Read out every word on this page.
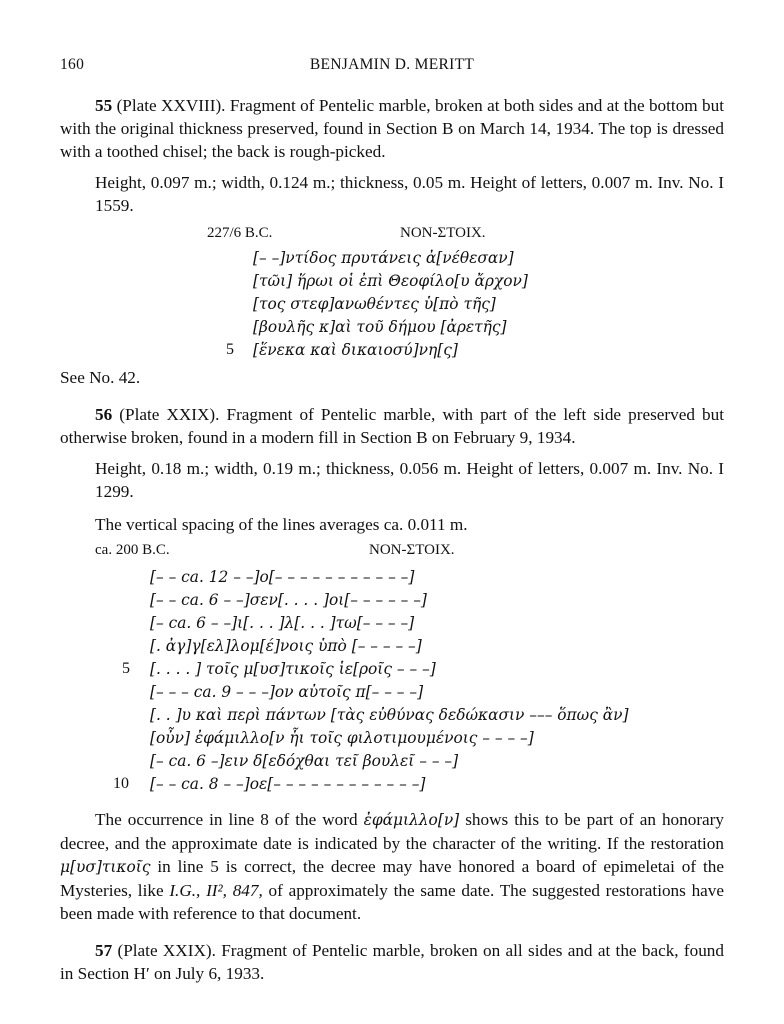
160	BENJAMIN D. MERITT

55 (Plate XXVIII). Fragment of Pentelic marble, broken at both sides and at the bottom but with the original thickness preserved, found in Section B on March 14, 1934. The top is dressed with a toothed chisel; the back is rough-picked.

Height, 0.097 m.; width, 0.124 m.; thickness, 0.05 m. Height of letters, 0.007 m. Inv. No. I 1559.

227/6 B.C.	NON-ΣTOIX.
[– –]ντίδος πρυτάνεις ἀ[νέθεσαν]
[τῶι] ἥρωι οἱ ἐπὶ Θεοφίλο[υ ἄρχον]
[τος στεφ]ανωθέντες ὑ[πὸ τῆς]
[βουλῆς κ]αὶ τοῦ δήμου [ἀρετῆς]
5 [ἕνεκα καὶ δικαιοσύ]νη[ς]

See No. 42.

56 (Plate XXIX). Fragment of Pentelic marble, with part of the left side preserved but otherwise broken, found in a modern fill in Section B on February 9, 1934.

Height, 0.18 m.; width, 0.19 m.; thickness, 0.056 m. Height of letters, 0.007 m. Inv. No. I 1299.

The vertical spacing of the lines averages ca. 0.011 m.

ca. 200 B.C.	NON-ΣTOIX.
[– – ca. 12 – –]ο[– – – – – – – – – – –]
[– – ca. 6 – –]σεν[. . . . ]οι[– – – – – –]
[– ca. 6 – –]ι[. . . ]λ[. . . ]τω[– – – –]
[. ἀγ]γ[ελ]λομ[έ]νοις ὑπὸ [– – – – –]
5 [. . . . ] τοῖς μ[υσ]τικοῖς ἱε[ροῖς – – –]
[– – – ca. 9 – – –]ον αὐτοῖς π[– – – –]
[. . ]υ καὶ περὶ πάντων [τὰς εὐθύνας δεδώκασιν ––– ὅπως ἂν]
[οὖν] ἐφάμιλλο[ν ἧι τοῖς φιλοτιμουμένοις – – – –]
[– ca. 6 –]ειν δ[εδόχθαι τεῖ βουλεῖ – – –]
10 [– – ca. 8 – –]οε[– – – – – – – – – – – –]

The occurrence in line 8 of the word ἐφάμιλλο[ν] shows this to be part of an honorary decree, and the approximate date is indicated by the character of the writing. If the restoration μ[υσ]τικοῖς in line 5 is correct, the decree may have honored a board of epimeletai of the Mysteries, like I.G., II², 847, of approximately the same date. The suggested restorations have been made with reference to that document.

57 (Plate XXIX). Fragment of Pentelic marble, broken on all sides and at the back, found in Section H′ on July 6, 1933.
